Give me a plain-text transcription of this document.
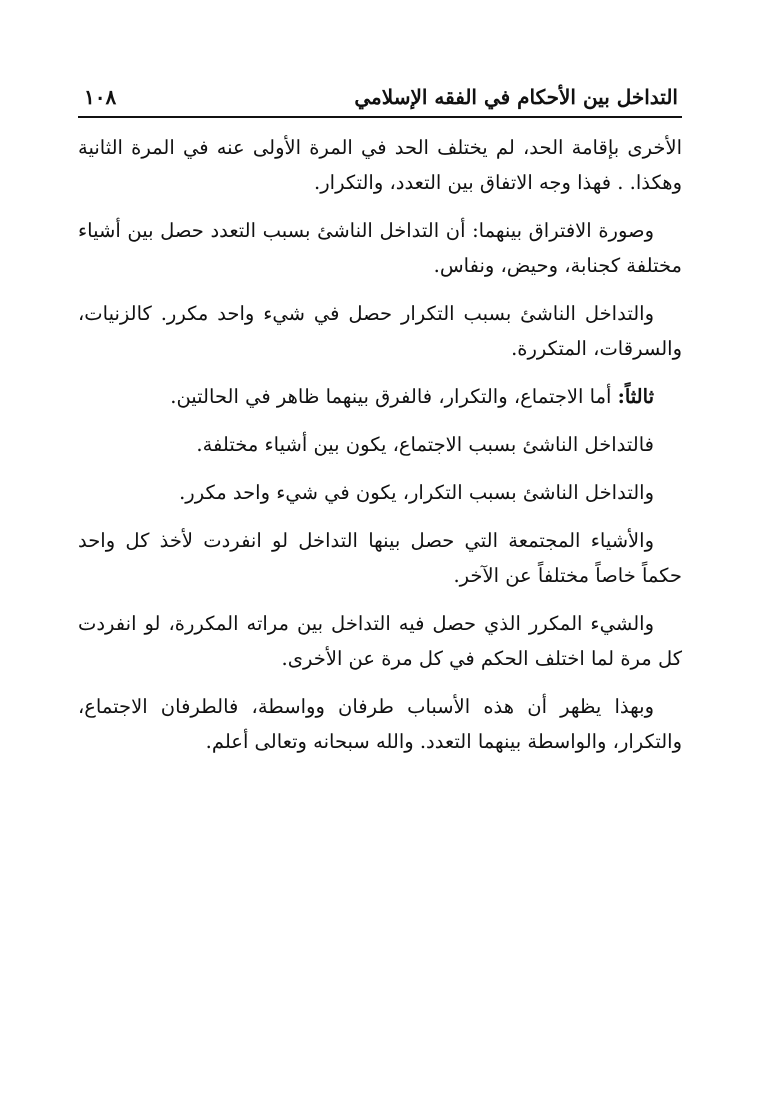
التداخل بين الأحكام في الفقه الإسلامي
١٠٨

الأخرى بإقامة الحد، لم يختلف الحد في المرة الأولى عنه في المرة الثانية وهكذا. . فهذا وجه الاتفاق بين التعدد، والتكرار.

وصورة الافتراق بينهما: أن التداخل الناشئ بسبب التعدد حصل بين أشياء مختلفة كجنابة، وحيض، ونفاس.

والتداخل الناشئ بسبب التكرار حصل في شيء واحد مكرر. كالزنيات، والسرقات، المتكررة.

ثالثاً: أما الاجتماع، والتكرار، فالفرق بينهما ظاهر في الحالتين.

فالتداخل الناشئ بسبب الاجتماع، يكون بين أشياء مختلفة.

والتداخل الناشئ بسبب التكرار، يكون في شيء واحد مكرر.

والأشياء المجتمعة التي حصل بينها التداخل لو انفردت لأخذ كل واحد حكماً خاصاً مختلفاً عن الآخر.

والشيء المكرر الذي حصل فيه التداخل بين مراته المكررة، لو انفردت كل مرة لما اختلف الحكم في كل مرة عن الأخرى.

وبهذا يظهر أن هذه الأسباب طرفان وواسطة، فالطرفان الاجتماع، والتكرار، والواسطة بينهما التعدد. والله سبحانه وتعالى أعلم.
